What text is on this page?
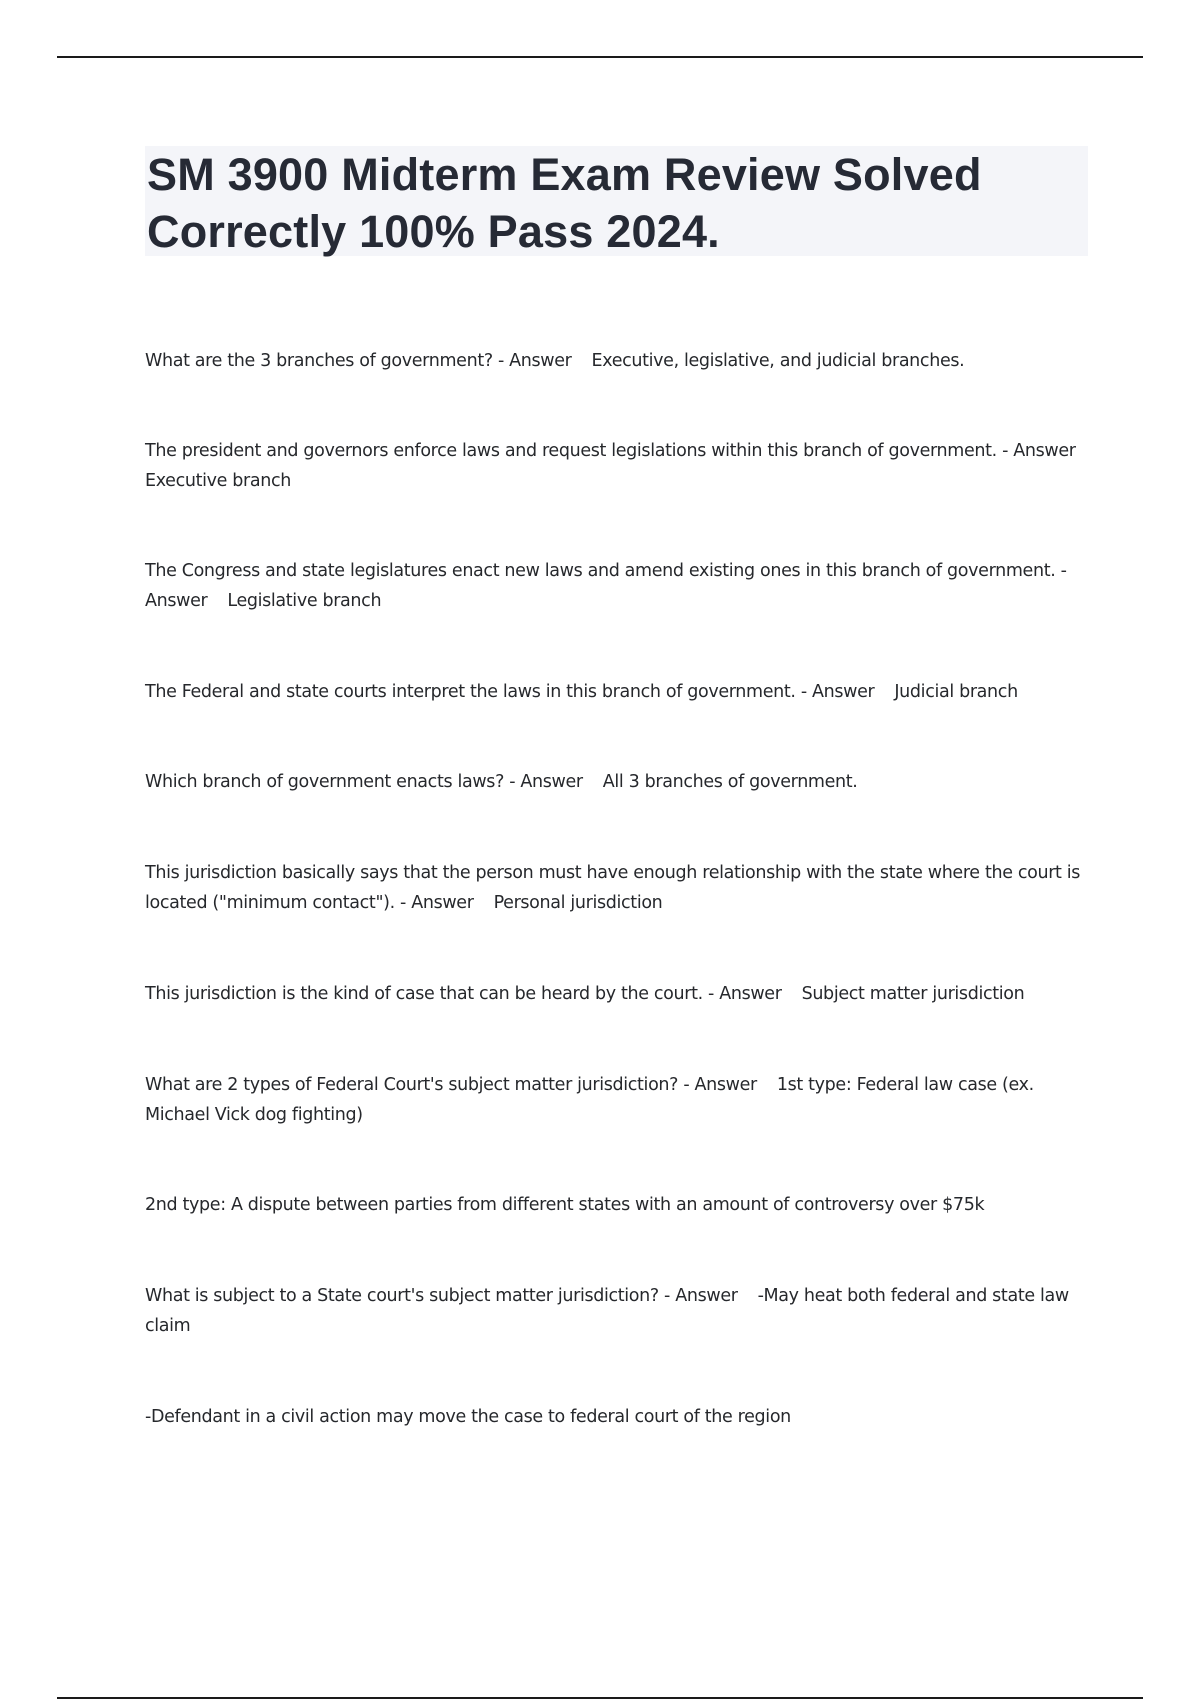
SM 3900 Midterm Exam Review Solved Correctly 100% Pass 2024.

What are the 3 branches of government? - Answer Executive, legislative, and judicial branches.

The president and governors enforce laws and request legislations within this branch of government. - AnswerExecutive branch

The Congress and state legislatures enact new laws and amend existing ones in this branch of government. - Answer Legislative branch

The Federal and state courts interpret the laws in this branch of government. - Answer Judicial branch

Which branch of government enacts laws? - Answer All 3 branches of government.

This jurisdiction basically says that the person must have enough relationship with the state where the court is located ("minimum contact"). - Answer Personal jurisdiction

This jurisdiction is the kind of case that can be heard by the court. - Answer Subject matter jurisdiction

What are 2 types of Federal Court's subject matter jurisdiction? - Answer 1st type: Federal law case (ex. Michael Vick dog fighting)

2nd type: A dispute between parties from different states with an amount of controversy over $75k

What is subject to a State court's subject matter jurisdiction? - Answer -May heat both federal and state law claim

-Defendant in a civil action may move the case to federal court of the region
